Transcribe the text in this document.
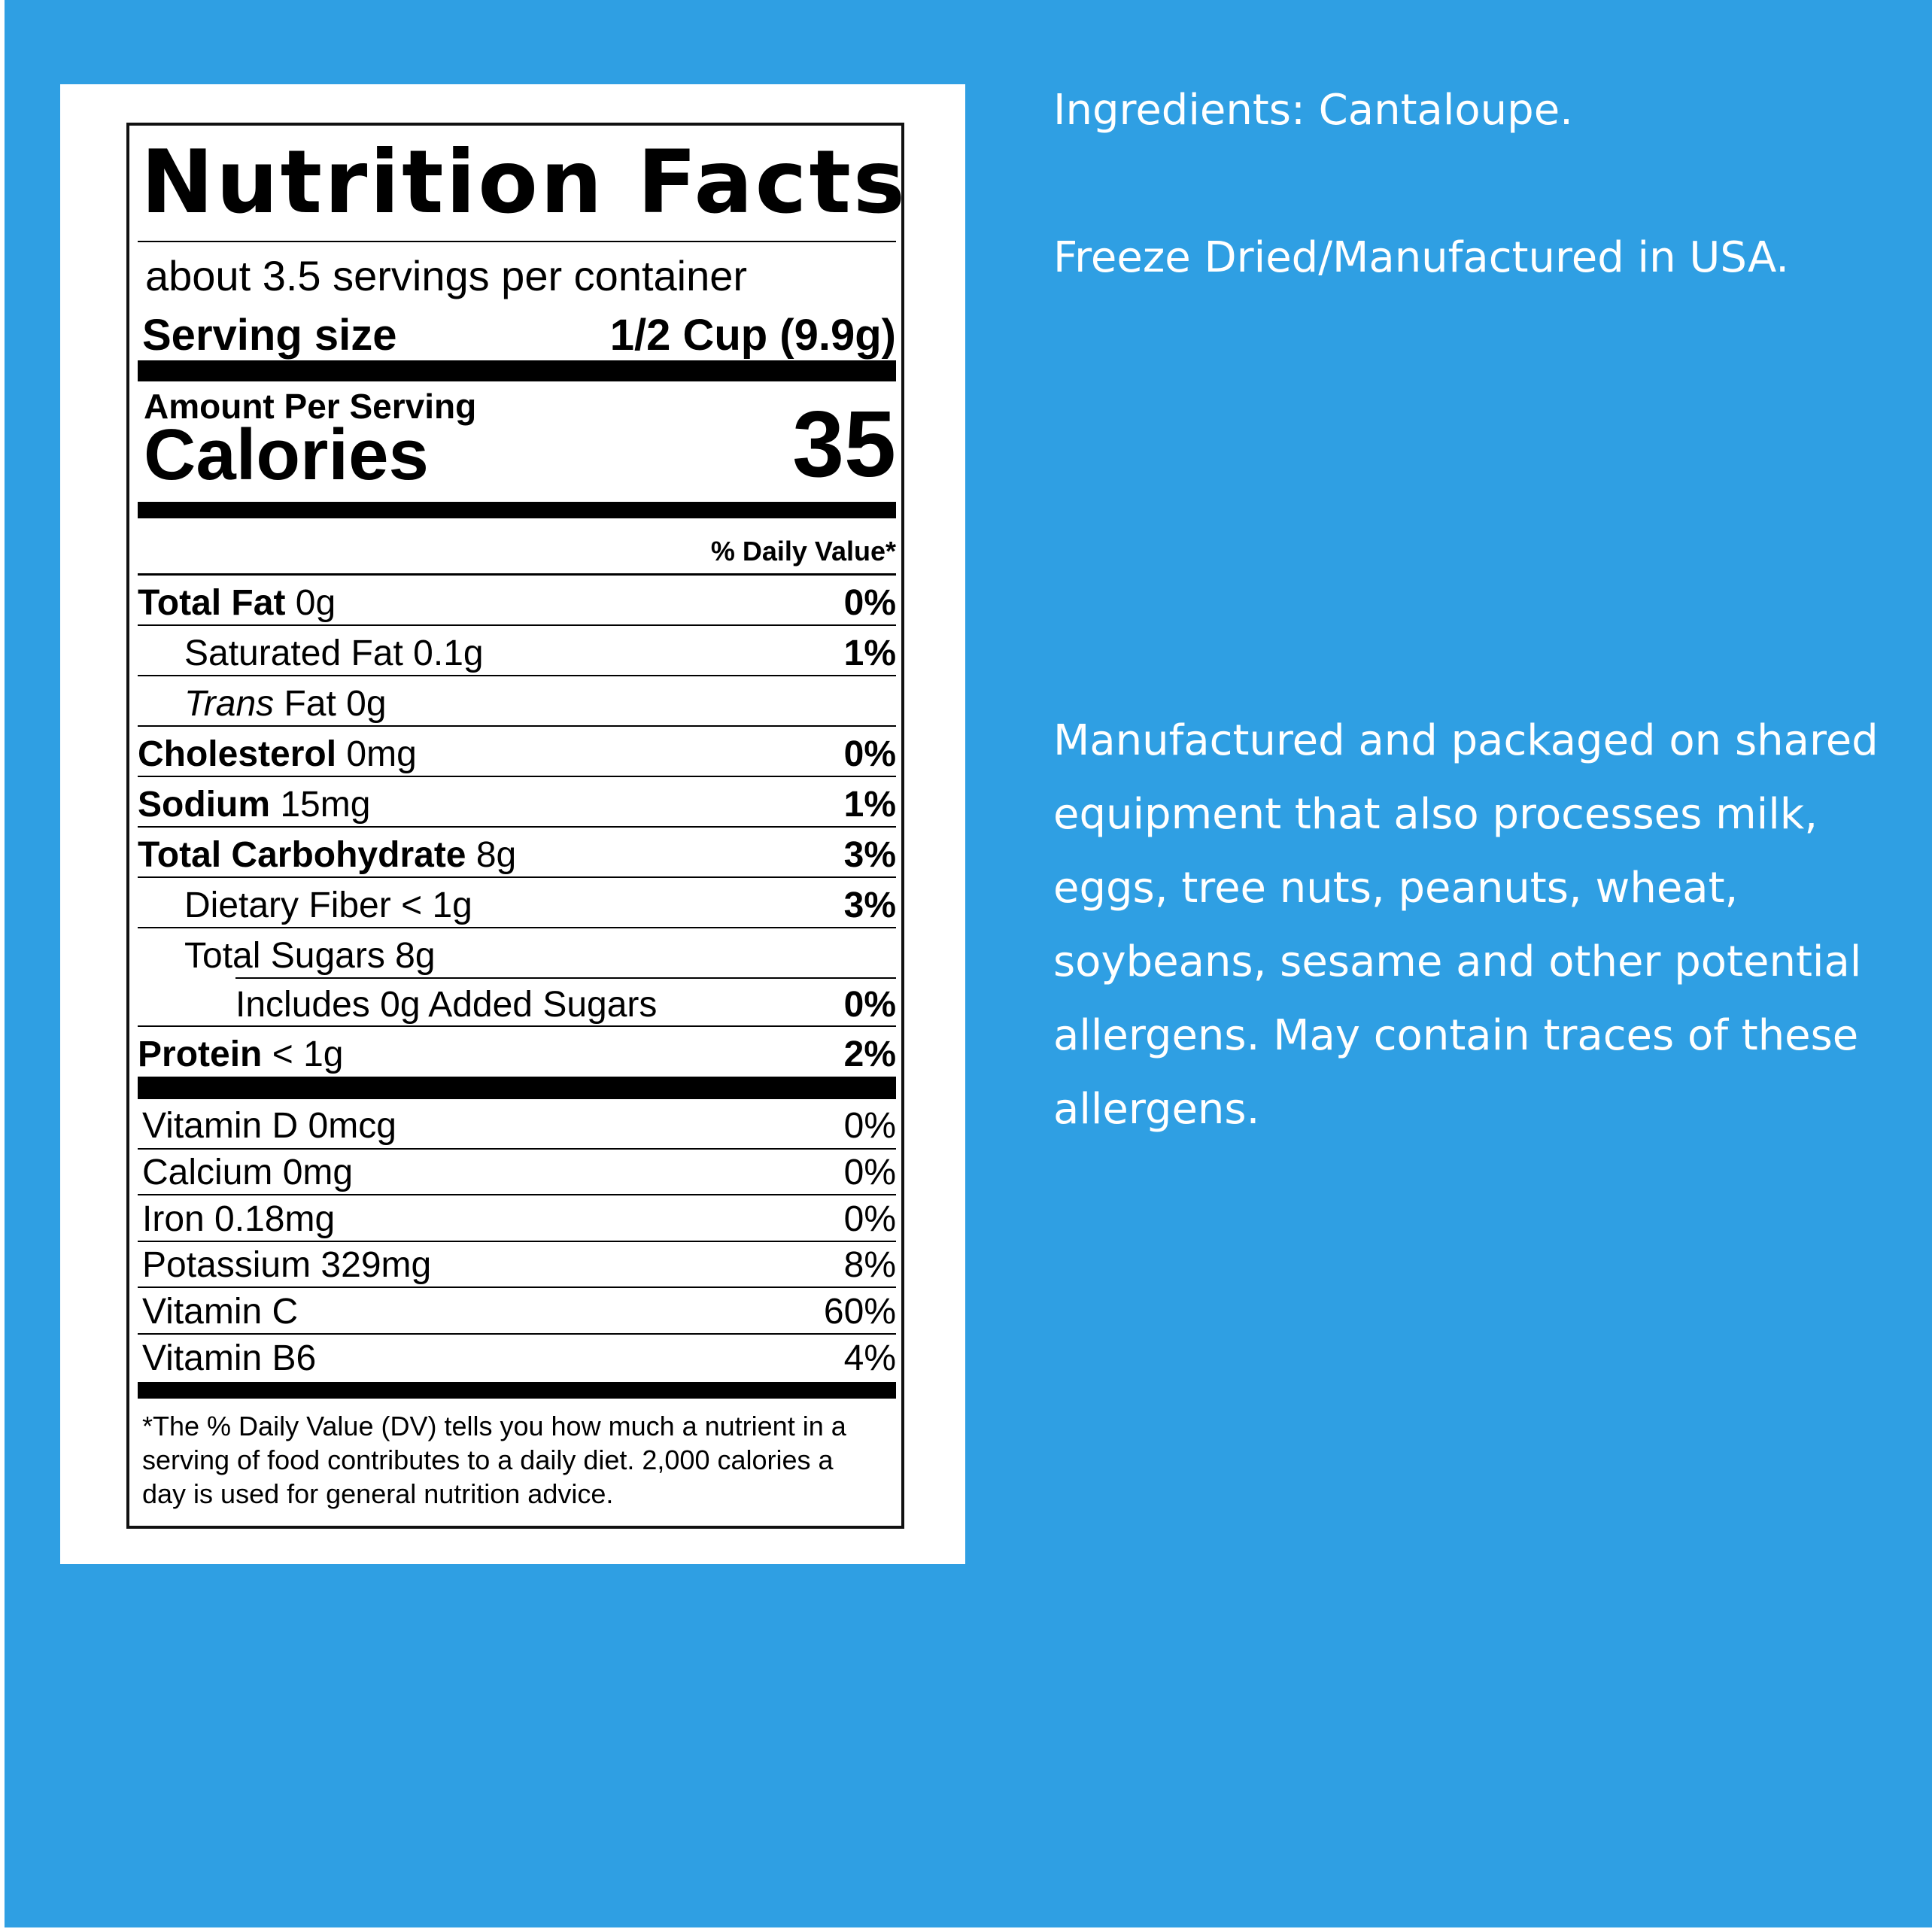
Nutrition Facts
about 3.5 servings per container
Serving size	1/2 Cup (9.9g)
Amount Per Serving
Calories	35
% Daily Value*
Total Fat 0g	0%
Saturated Fat 0.1g	1%
Trans Fat 0g
Cholesterol 0mg	0%
Sodium 15mg	1%
Total Carbohydrate 8g	3%
Dietary Fiber < 1g	3%
Total Sugars 8g
Includes 0g Added Sugars	0%
Protein < 1g	2%
Vitamin D 0mcg	0%
Calcium 0mg	0%
Iron 0.18mg	0%
Potassium 329mg	8%
Vitamin C	60%
Vitamin B6	4%
*The % Daily Value (DV) tells you how much a nutrient in a serving of food contributes to a daily diet. 2,000 calories a day is used for general nutrition advice.

Ingredients: Cantaloupe.

Freeze Dried/Manufactured in USA.

Manufactured and packaged on shared equipment that also processes milk, eggs, tree nuts, peanuts, wheat, soybeans, sesame and other potential allergens. May contain traces of these allergens.
